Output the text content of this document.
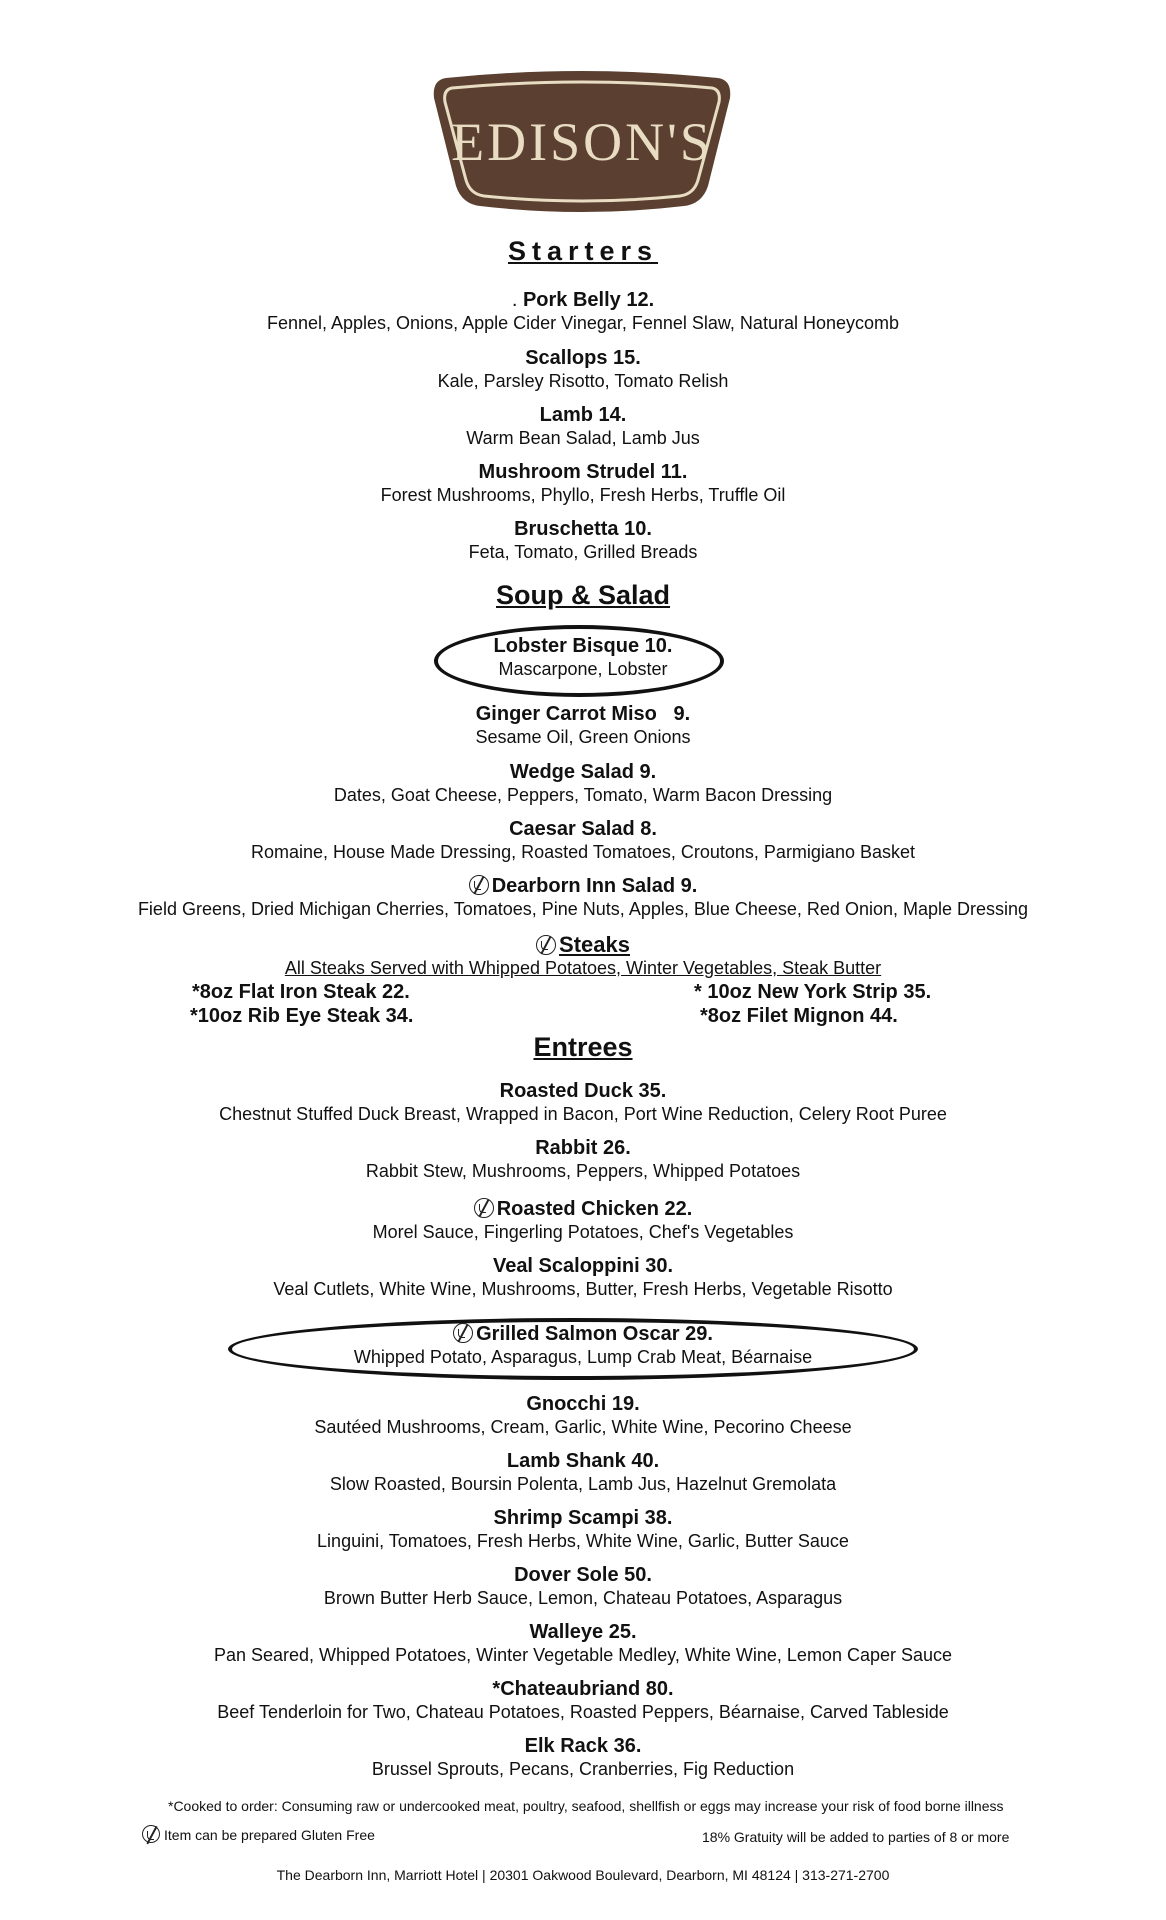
EDISON'S
Starters
. Pork Belly 12.
Fennel, Apples, Onions, Apple Cider Vinegar, Fennel Slaw, Natural Honeycomb
Scallops 15.
Kale, Parsley Risotto, Tomato Relish
Lamb 14.
Warm Bean Salad, Lamb Jus
Mushroom Strudel 11.
Forest Mushrooms, Phyllo, Fresh Herbs, Truffle Oil
Bruschetta 10.
Feta, Tomato, Grilled Breads
Soup & Salad
Lobster Bisque 10.
Mascarpone, Lobster
Ginger Carrot Miso   9.
Sesame Oil, Green Onions
Wedge Salad 9.
Dates, Goat Cheese, Peppers, Tomato, Warm Bacon Dressing
Caesar Salad 8.
Romaine, House Made Dressing, Roasted Tomatoes, Croutons, Parmigiano Basket
Dearborn Inn Salad 9.
Field Greens, Dried Michigan Cherries, Tomatoes, Pine Nuts, Apples, Blue Cheese, Red Onion, Maple Dressing
Steaks
All Steaks Served with Whipped Potatoes, Winter Vegetables, Steak Butter
*8oz Flat Iron Steak 22.	* 10oz New York Strip 35.
*10oz Rib Eye Steak 34.	*8oz Filet Mignon 44.
Entrees
Roasted Duck 35.
Chestnut Stuffed Duck Breast, Wrapped in Bacon, Port Wine Reduction, Celery Root Puree
Rabbit 26.
Rabbit Stew, Mushrooms, Peppers, Whipped Potatoes
Roasted Chicken 22.
Morel Sauce, Fingerling Potatoes, Chef's Vegetables
Veal Scaloppini 30.
Veal Cutlets, White Wine, Mushrooms, Butter, Fresh Herbs, Vegetable Risotto
Grilled Salmon Oscar 29.
Whipped Potato, Asparagus, Lump Crab Meat, Béarnaise
Gnocchi 19.
Sautéed Mushrooms, Cream, Garlic, White Wine, Pecorino Cheese
Lamb Shank 40.
Slow Roasted, Boursin Polenta, Lamb Jus, Hazelnut Gremolata
Shrimp Scampi 38.
Linguini, Tomatoes, Fresh Herbs, White Wine, Garlic, Butter Sauce
Dover Sole 50.
Brown Butter Herb Sauce, Lemon, Chateau Potatoes, Asparagus
Walleye 25.
Pan Seared, Whipped Potatoes, Winter Vegetable Medley, White Wine, Lemon Caper Sauce
*Chateaubriand 80.
Beef Tenderloin for Two, Chateau Potatoes, Roasted Peppers, Béarnaise, Carved Tableside
Elk Rack 36.
Brussel Sprouts, Pecans, Cranberries, Fig Reduction
*Cooked to order: Consuming raw or undercooked meat, poultry, seafood, shellfish or eggs may increase your risk of food borne illness
Item can be prepared Gluten Free	18% Gratuity will be added to parties of 8 or more
The Dearborn Inn, Marriott Hotel | 20301 Oakwood Boulevard, Dearborn, MI 48124 | 313-271-2700
